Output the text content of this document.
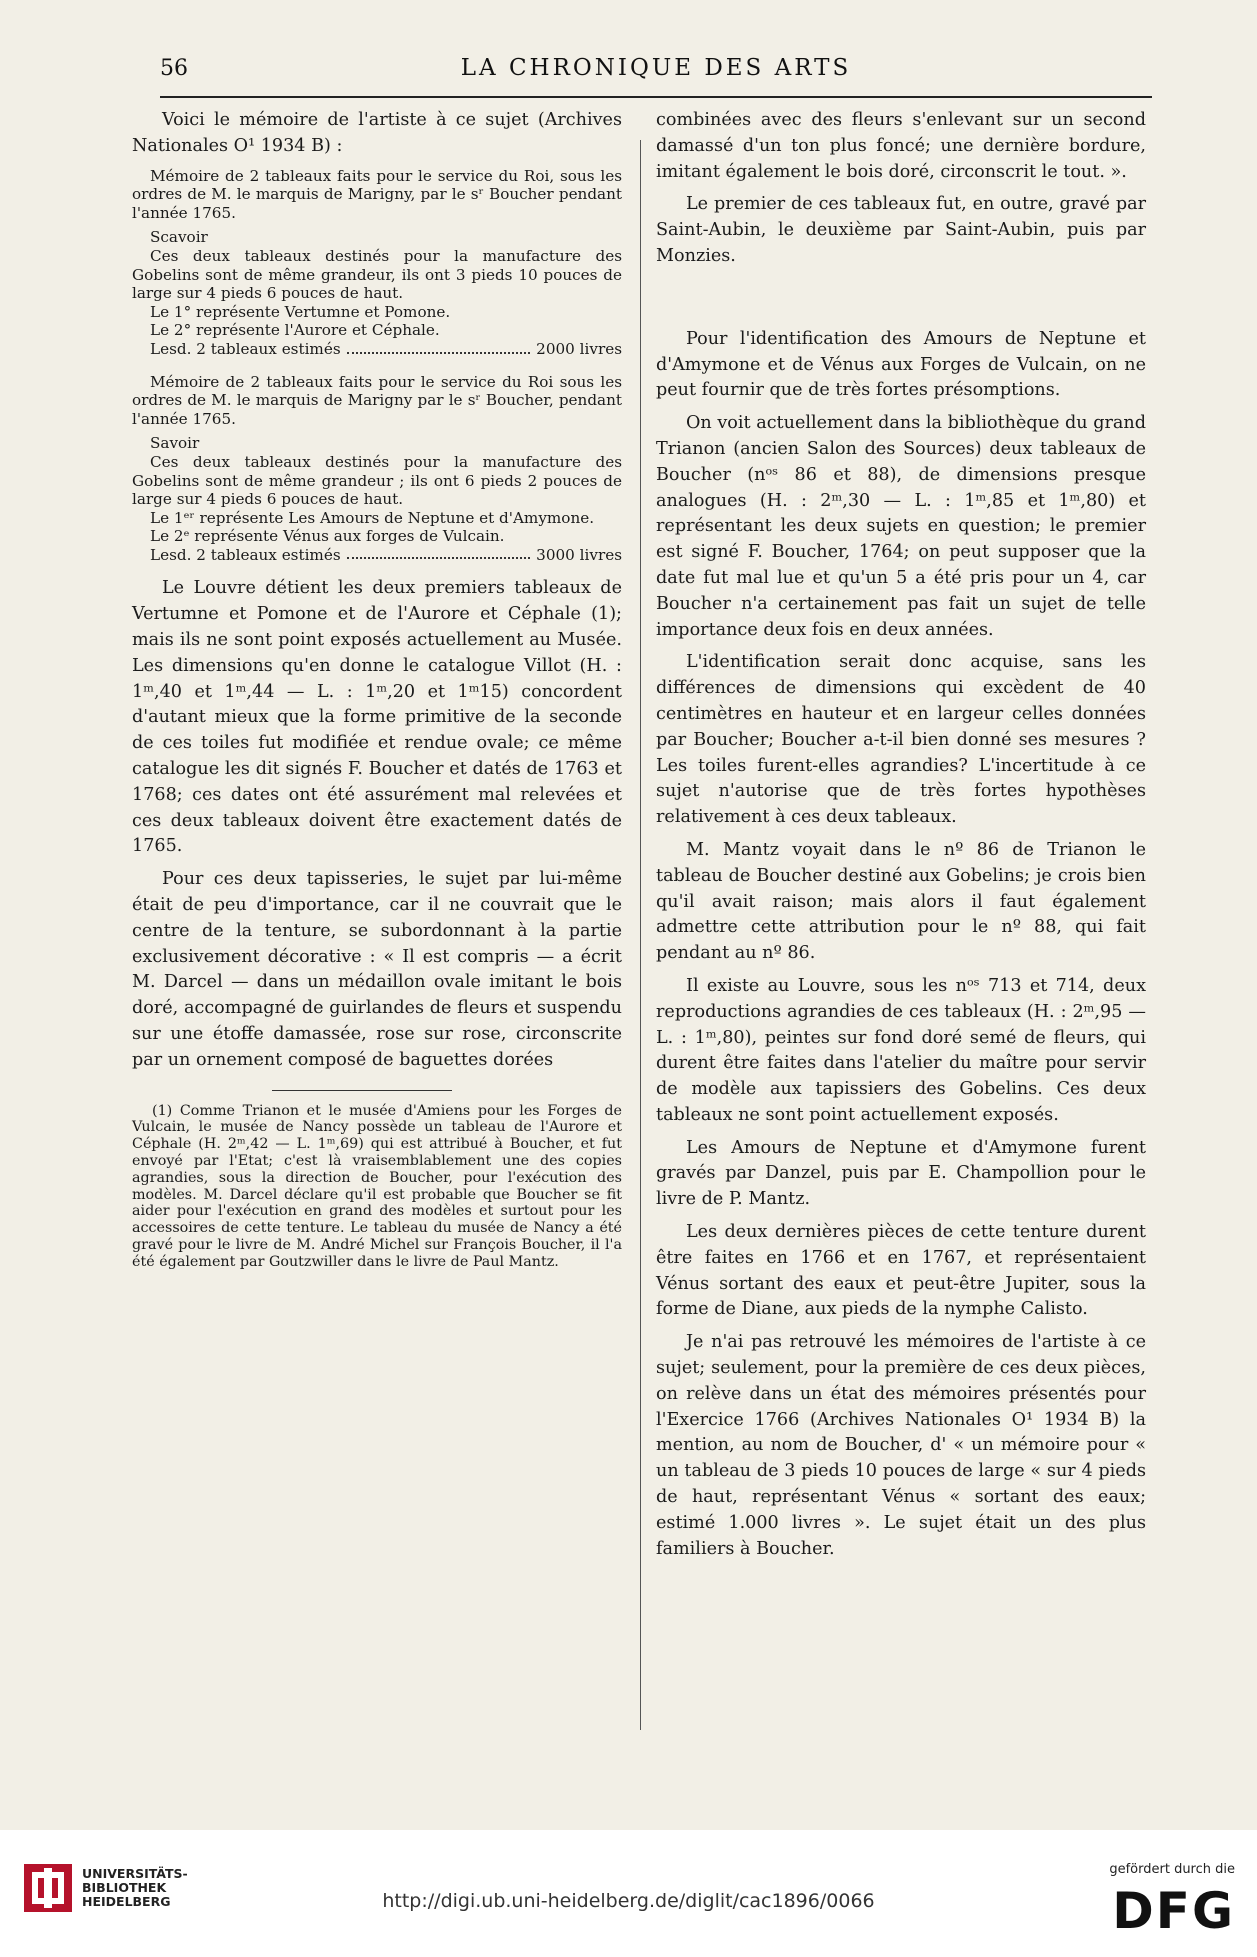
56	LA CHRONIQUE DES ARTS

Voici le mémoire de l'artiste à ce sujet (Archives Nationales O¹ 1934 B) :

Mémoire de 2 tableaux faits pour le service du Roi, sous les ordres de M. le marquis de Marigny, par le sʳ Boucher pendant l'année 1765.

Scavoir

Ces deux tableaux destinés pour la manufacture des Gobelins sont de même grandeur, ils ont 3 pieds 10 pouces de large sur 4 pieds 6 pouces de haut.

Le 1° représente Vertumne et Pomone.

Le 2° représente l'Aurore et Céphale.

Lesd. 2 tableaux estimés	2000 livres

Mémoire de 2 tableaux faits pour le service du Roi sous les ordres de M. le marquis de Marigny par le sʳ Boucher, pendant l'année 1765.

Savoir

Ces deux tableaux destinés pour la manufacture des Gobelins sont de même grandeur ; ils ont 6 pieds 2 pouces de large sur 4 pieds 6 pouces de haut.

Le 1ᵉʳ représente Les Amours de Neptune et d'Amymone.

Le 2ᵉ représente Vénus aux forges de Vulcain.

Lesd. 2 tableaux estimés	3000 livres

Le Louvre détient les deux premiers tableaux de Vertumne et Pomone et de l'Aurore et Céphale (1); mais ils ne sont point exposés actuellement au Musée. Les dimensions qu'en donne le catalogue Villot (H. : 1ᵐ,40 et 1ᵐ,44 — L. : 1ᵐ,20 et 1ᵐ15) concordent d'autant mieux que la forme primitive de la seconde de ces toiles fut modifiée et rendue ovale; ce même catalogue les dit signés F. Boucher et datés de 1763 et 1768; ces dates ont été assurément mal relevées et ces deux tableaux doivent être exactement datés de 1765.

Pour ces deux tapisseries, le sujet par lui-même était de peu d'importance, car il ne couvrait que le centre de la tenture, se subordonnant à la partie exclusivement décorative : « Il est compris — a écrit M. Darcel — dans un médaillon ovale imitant le bois doré, accompagné de guirlandes de fleurs et suspendu sur une étoffe damassée, rose sur rose, circonscrite par un ornement composé de baguettes dorées

(1) Comme Trianon et le musée d'Amiens pour les Forges de Vulcain, le musée de Nancy possède un tableau de l'Aurore et Céphale (H. 2ᵐ,42 — L. 1ᵐ,69) qui est attribué à Boucher, et fut envoyé par l'Etat; c'est là vraisemblablement une des copies agrandies, sous la direction de Boucher, pour l'exécution des modèles. M. Darcel déclare qu'il est probable que Boucher se fit aider pour l'exécution en grand des modèles et surtout pour les accessoires de cette tenture. Le tableau du musée de Nancy a été gravé pour le livre de M. André Michel sur François Boucher, il l'a été également par Goutzwiller dans le livre de Paul Mantz.

combinées avec des fleurs s'enlevant sur un second damassé d'un ton plus foncé; une dernière bordure, imitant également le bois doré, circonscrit le tout. ».

Le premier de ces tableaux fut, en outre, gravé par Saint-Aubin, le deuxième par Saint-Aubin, puis par Monzies.

Pour l'identification des Amours de Neptune et d'Amymone et de Vénus aux Forges de Vulcain, on ne peut fournir que de très fortes présomptions.

On voit actuellement dans la bibliothèque du grand Trianon (ancien Salon des Sources) deux tableaux de Boucher (nᵒˢ 86 et 88), de dimensions presque analogues (H. : 2ᵐ,30 — L. : 1ᵐ,85 et 1ᵐ,80) et représentant les deux sujets en question; le premier est signé F. Boucher, 1764; on peut supposer que la date fut mal lue et qu'un 5 a été pris pour un 4, car Boucher n'a certainement pas fait un sujet de telle importance deux fois en deux années.

L'identification serait donc acquise, sans les différences de dimensions qui excèdent de 40 centimètres en hauteur et en largeur celles données par Boucher; Boucher a-t-il bien donné ses mesures ? Les toiles furent-elles agrandies? L'incertitude à ce sujet n'autorise que de très fortes hypothèses relativement à ces deux tableaux.

M. Mantz voyait dans le nº 86 de Trianon le tableau de Boucher destiné aux Gobelins; je crois bien qu'il avait raison; mais alors il faut également admettre cette attribution pour le nº 88, qui fait pendant au nº 86.

Il existe au Louvre, sous les nᵒˢ 713 et 714, deux reproductions agrandies de ces tableaux (H. : 2ᵐ,95 — L. : 1ᵐ,80), peintes sur fond doré semé de fleurs, qui durent être faites dans l'atelier du maître pour servir de modèle aux tapissiers des Gobelins. Ces deux tableaux ne sont point actuellement exposés.

Les Amours de Neptune et d'Amymone furent gravés par Danzel, puis par E. Champollion pour le livre de P. Mantz.

Les deux dernières pièces de cette tenture durent être faites en 1766 et en 1767, et représentaient Vénus sortant des eaux et peut-être Jupiter, sous la forme de Diane, aux pieds de la nymphe Calisto.

Je n'ai pas retrouvé les mémoires de l'artiste à ce sujet; seulement, pour la première de ces deux pièces, on relève dans un état des mémoires présentés pour l'Exercice 1766 (Archives Nationales O¹ 1934 B) la mention, au nom de Boucher, d' « un mémoire pour « un tableau de 3 pieds 10 pouces de large « sur 4 pieds de haut, représentant Vénus « sortant des eaux; estimé 1.000 livres ». Le sujet était un des plus familiers à Boucher.

UNIVERSITÄTS-
BIBLIOTHEK
HEIDELBERG	http://digi.ub.uni-heidelberg.de/diglit/cac1896/0066
gefördert durch die
DFG
